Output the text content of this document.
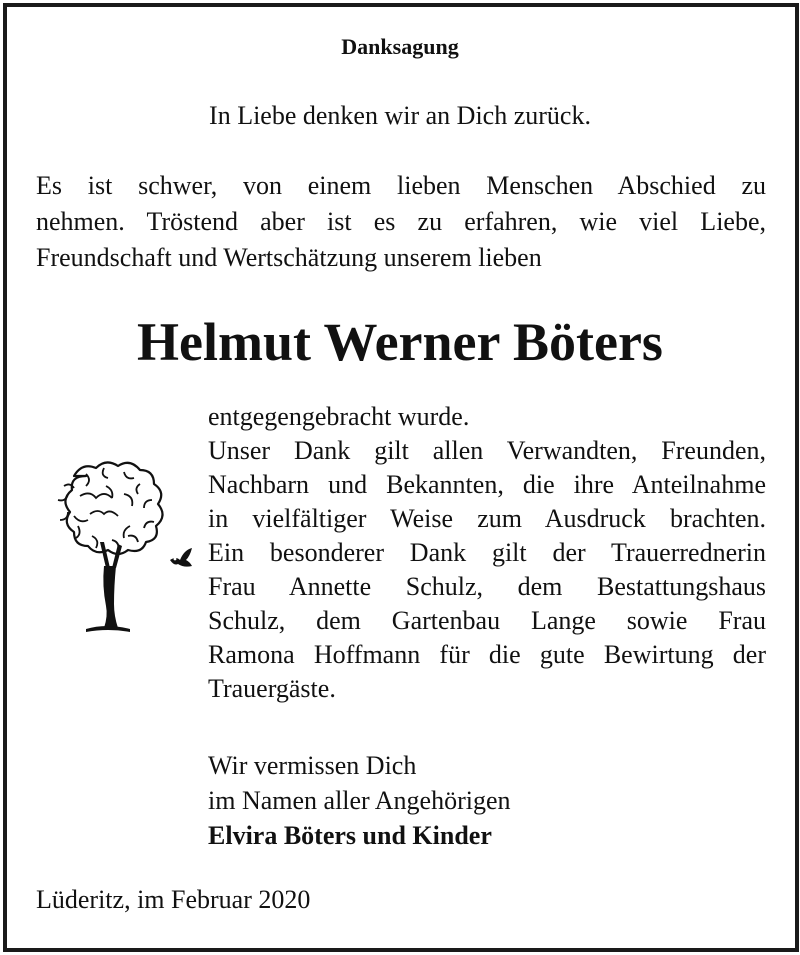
Danksagung

In Liebe denken wir an Dich zurück.

Es ist schwer, von einem lieben Menschen Abschied zu
nehmen. Tröstend aber ist es zu erfahren, wie viel Liebe,
Freundschaft und Wertschätzung unserem lieben

Helmut Werner Böters
entgegengebracht wurde.
Unser Dank gilt allen Verwandten, Freunden,
Nachbarn und Bekannten, die ihre Anteilnahme
in vielfältiger Weise zum Ausdruck brachten.
Ein besonderer Dank gilt der Trauerrednerin
Frau Annette Schulz, dem Bestattungshaus
Schulz, dem Gartenbau Lange sowie Frau
Ramona Hoffmann für die gute Bewirtung der
Trauergäste.
Wir vermissen Dich
im Namen aller Angehörigen
Elvira Böters und Kinder

Lüderitz, im Februar 2020
